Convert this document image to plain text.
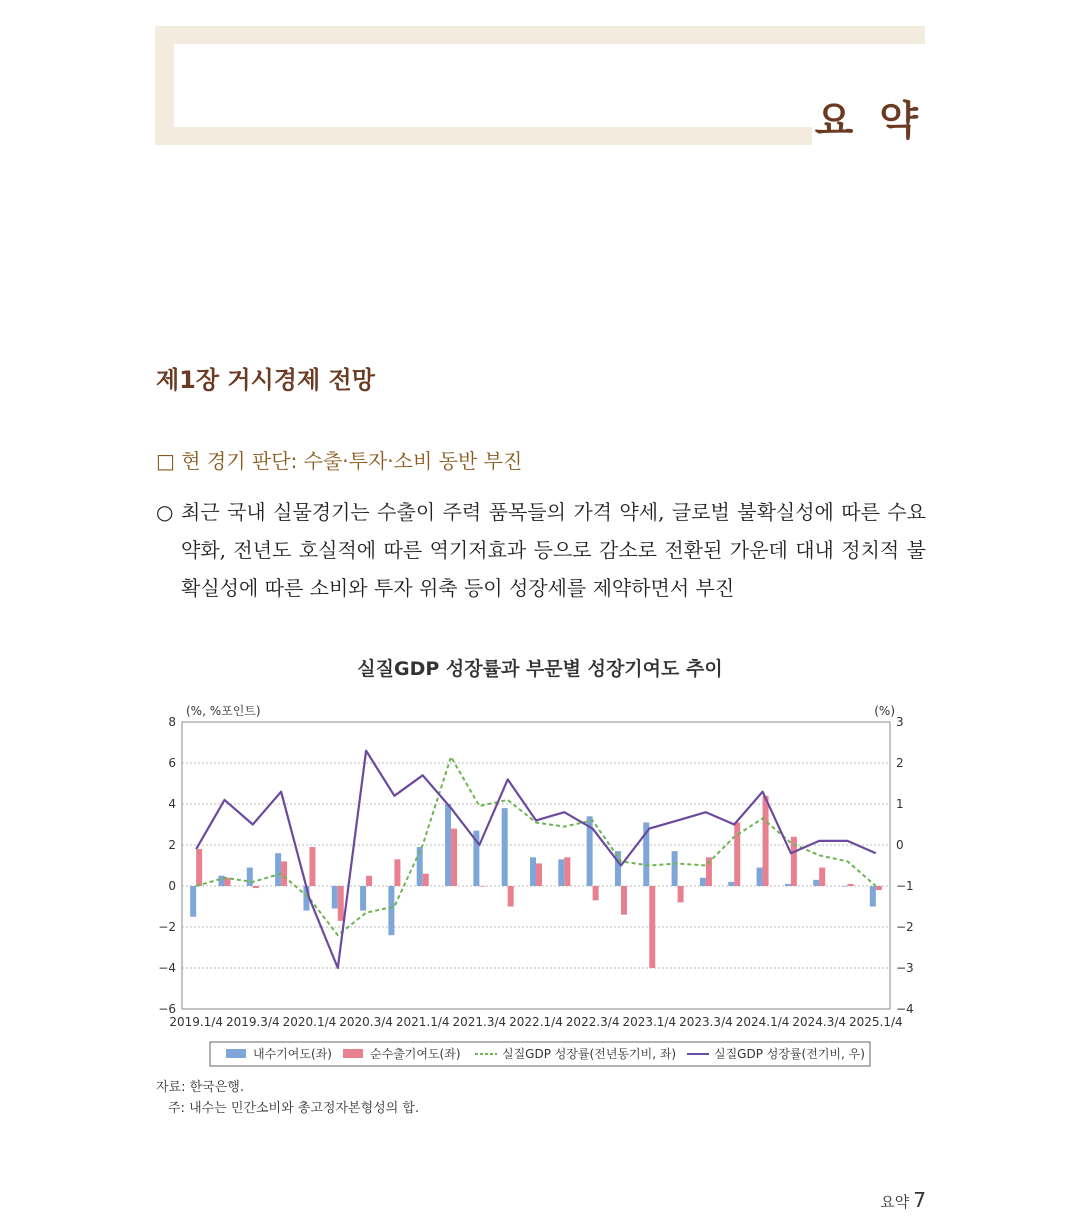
요 약
제1장 거시경제 전망
□ 현 경기 판단: 수출·투자·소비 동반 부진
○ 최근 국내 실물경기는 수출이 주력 품목들의 가격 약세, 글로벌 불확실성에 따른 수요 약화, 전년도 호실적에 따른 역기저효과 등으로 감소로 전환된 가운데 대내 정치적 불확실성에 따른 소비와 투자 위축 등이 성장세를 제약하면서 부진
실질GDP 성장률과 부문별 성장기여도 추이
8
6
4
2
0
−2
−4
−6
3
2
1
0
−1
−2
−3
−4
2019.1/4 2019.3/4 2020.1/4 2020.3/4 2021.1/4 2021.3/4 2022.1/4 2022.3/4 2023.1/4 2023.3/4 2024.1/4 2024.3/4 2025.1/4
(%, %포인트)	(%)
내수기여도(좌)	순수출기여도(좌)	실질GDP 성장률(전년동기비, 좌)	실질GDP 성장률(전기비, 우)
자료: 한국은행.
주: 내수는 민간소비와 총고정자본형성의 합.
요약 7
